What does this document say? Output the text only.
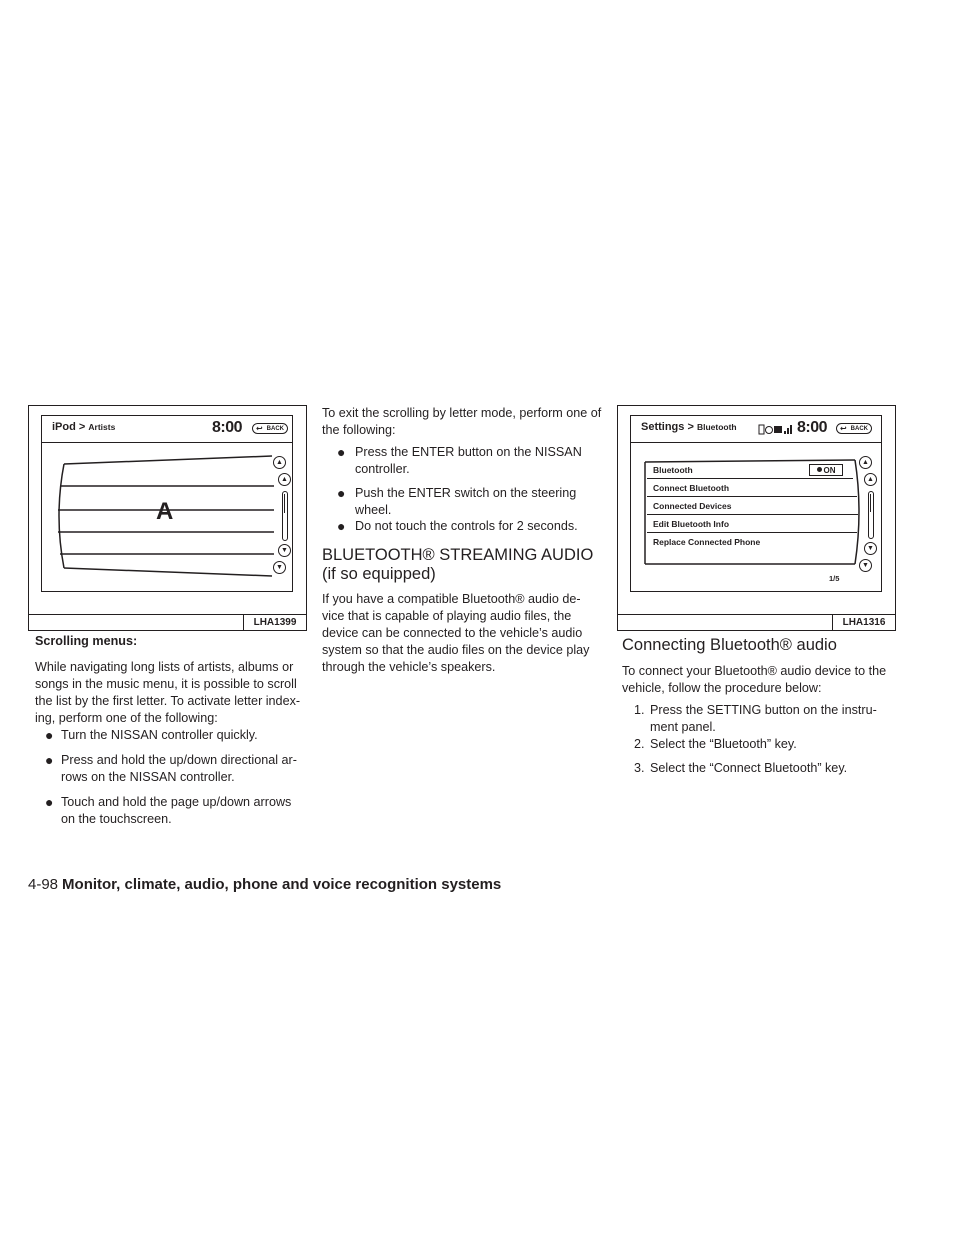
iPod > Artists	8:00 ↩ BACK
A
▲
▲
▼
▼
LHA1399
Settings > Bluetooth	8:00 ↩ BACK
Bluetooth	ON
Connect Bluetooth
Connected Devices
Edit Bluetooth Info
Replace Connected Phone
▲
▲
▼
▼
1/5
LHA1316
Scrolling menus:
While navigating long lists of artists, albums or
songs in the music menu, it is possible to scroll
the list by the first letter. To activate letter index-
ing, perform one of the following:
● Turn the NISSAN controller quickly.
● Press and hold the up/down directional ar-
rows on the NISSAN controller.
● Touch and hold the page up/down arrows
on the touchscreen.
To exit the scrolling by letter mode, perform one of
the following:
● Press the ENTER button on the NISSAN
controller.
● Push the ENTER switch on the steering
wheel.
● Do not touch the controls for 2 seconds.
BLUETOOTH® STREAMING AUDIO
(if so equipped)
If you have a compatible Bluetooth® audio de-
vice that is capable of playing audio files, the
device can be connected to the vehicle’s audio
system so that the audio files on the device play
through the vehicle’s speakers.
Connecting Bluetooth® audio
To connect your Bluetooth® audio device to the
vehicle, follow the procedure below:
1. Press the SETTING button on the instru-
ment panel.
2. Select the “Bluetooth” key.
3. Select the “Connect Bluetooth” key.
4-98 Monitor, climate, audio, phone and voice recognition systems
